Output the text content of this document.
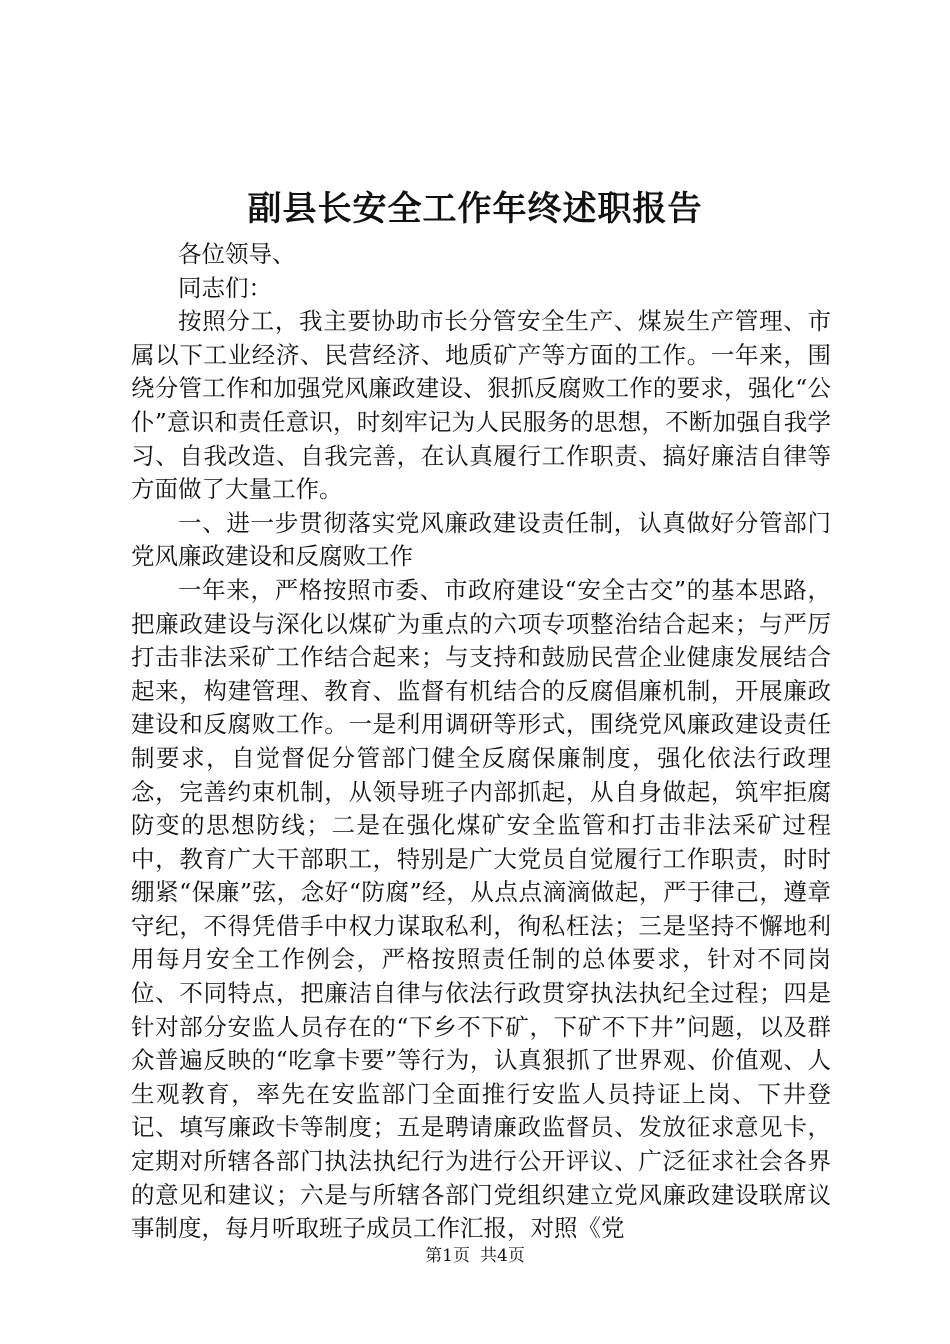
副县长安全工作年终述职报告

各位领导、

同志们：

按照分工，我主要协助市长分管安全生产、煤炭生产管理、市属以下工业经济、民营经济、地质矿产等方面的工作。一年来，围绕分管工作和加强党风廉政建设、狠抓反腐败工作的要求，强化“公仆”意识和责任意识，时刻牢记为人民服务的思想，不断加强自我学习、自我改造、自我完善，在认真履行工作职责、搞好廉洁自律等方面做了大量工作。

一、进一步贯彻落实党风廉政建设责任制，认真做好分管部门党风廉政建设和反腐败工作

一年来，严格按照市委、市政府建设“安全古交”的基本思路，把廉政建设与深化以煤矿为重点的六项专项整治结合起来；与严厉打击非法采矿工作结合起来；与支持和鼓励民营企业健康发展结合起来，构建管理、教育、监督有机结合的反腐倡廉机制，开展廉政建设和反腐败工作。一是利用调研等形式，围绕党风廉政建设责任制要求，自觉督促分管部门健全反腐保廉制度，强化依法行政理念，完善约束机制，从领导班子内部抓起，从自身做起，筑牢拒腐防变的思想防线；二是在强化煤矿安全监管和打击非法采矿过程中，教育广大干部职工，特别是广大党员自觉履行工作职责，时时绷紧“保廉”弦，念好“防腐”经，从点点滴滴做起，严于律己，遵章守纪，不得凭借手中权力谋取私利，徇私枉法；三是坚持不懈地利用每月安全工作例会，严格按照责任制的总体要求，针对不同岗位、不同特点，把廉洁自律与依法行政贯穿执法执纪全过程；四是针对部分安监人员存在的“下乡不下矿，下矿不下井”问题，以及群众普遍反映的“吃拿卡要”等行为，认真狠抓了世界观、价值观、人生观教育，率先在安监部门全面推行安监人员持证上岗、下井登记、填写廉政卡等制度；五是聘请廉政监督员、发放征求意见卡，定期对所辖各部门执法执纪行为进行公开评议、广泛征求社会各界的意见和建议；六是与所辖各部门党组织建立党风廉政建设联席议事制度，每月听取班子成员工作汇报，对照《党

第1页 共4页
